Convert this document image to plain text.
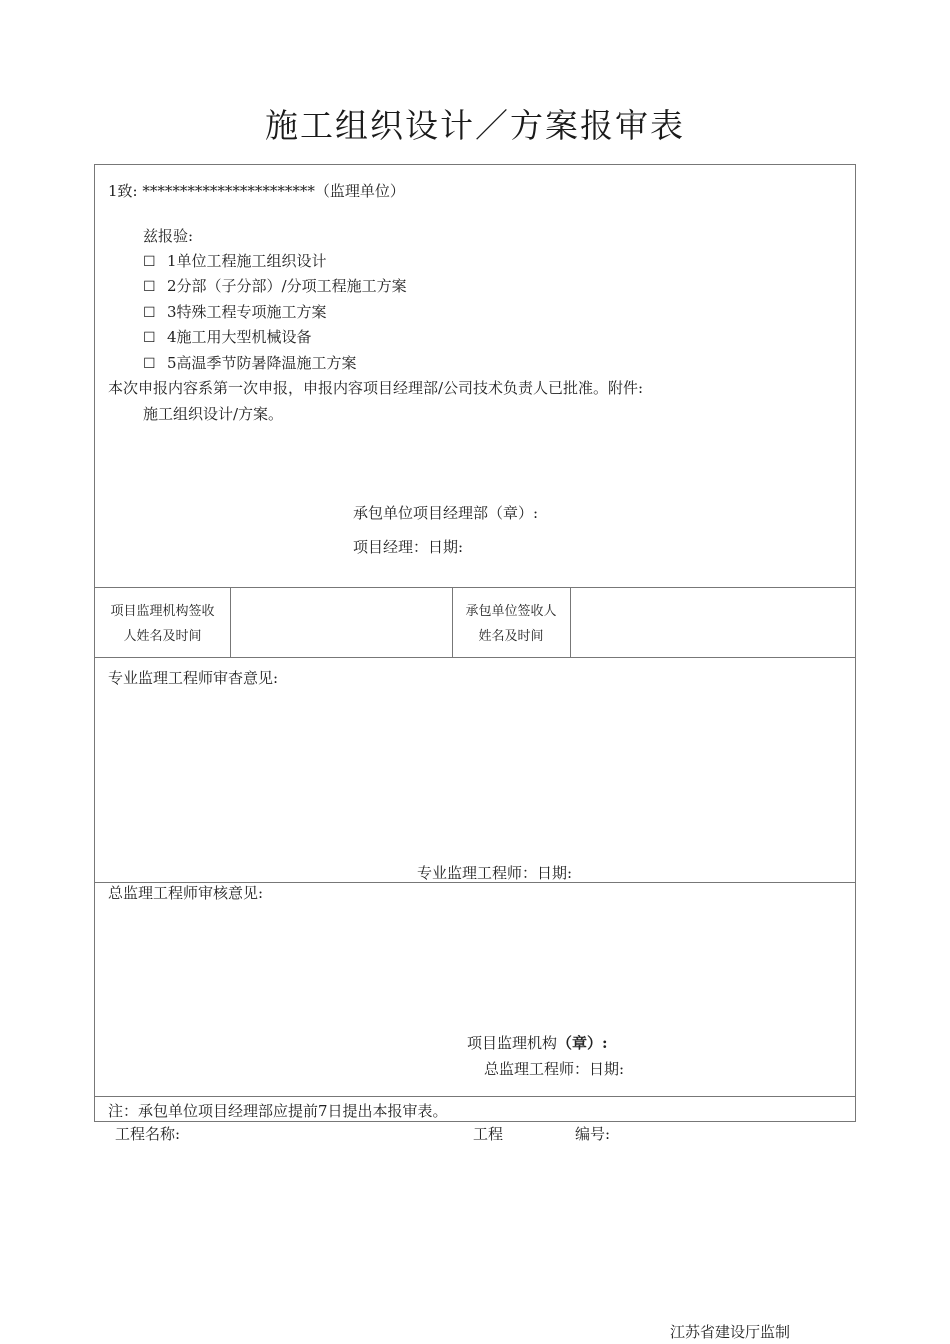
施工组织设计／方案报审表
1致: ***********************（监理单位）
兹报验:
☐ 1单位工程施工组织设计
☐ 2分部（子分部）/分项工程施工方案
☐ 3特殊工程专项施工方案
☐ 4施工用大型机械设备
☐ 5高温季节防暑降温施工方案
本次申报内容系第一次申报，申报内容项目经理部/公司技术负责人已批准。附件:
施工组织设计/方案。
承包单位项目经理部（章）:
项目经理：日期:
项目监理机构签收
人姓名及时间
承包单位签收人
姓名及时间
专业监理工程师审杳意见:
专业监理工程师：日期:
总监理工程师审核意见:
项目监理机构（章）:
总监理工程师：日期:
注：承包单位项目经理部应提前7日提出本报审表。
工程名称:	工程	编号:
江苏省建设厅监制
